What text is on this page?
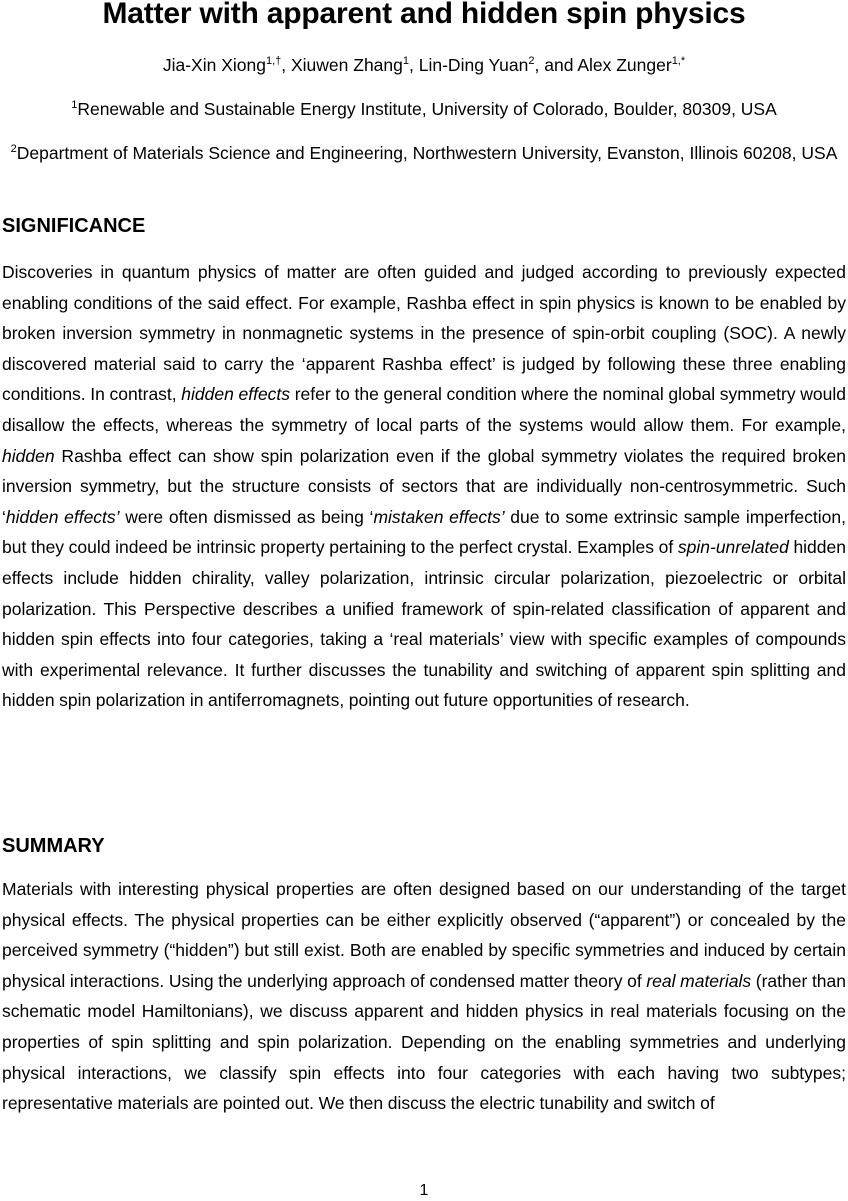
Matter with apparent and hidden spin physics
Jia-Xin Xiong$^{1,\dagger}$, Xiuwen Zhang$^1$, Lin-Ding Yuan$^2$, and Alex Zunger$^{1,*}$
$^1$Renewable and Sustainable Energy Institute, University of Colorado, Boulder, 80309, USA
$^2$Department of Materials Science and Engineering, Northwestern University, Evanston, Illinois 60208, USA
SIGNIFICANCE

Discoveries in quantum physics of matter are often guided and judged according to previously expected enabling conditions of the said effect. For example, Rashba effect in spin physics is known to be enabled by broken inversion symmetry in nonmagnetic systems in the presence of spin-orbit coupling (SOC). A newly discovered material said to carry the ‘apparent Rashba effect’ is judged by following these three enabling conditions. In contrast, hidden effects refer to the general condition where the nominal global symmetry would disallow the effects, whereas the symmetry of local parts of the systems would allow them. For example, hidden Rashba effect can show spin polarization even if the global symmetry violates the required broken inversion symmetry, but the structure consists of sectors that are individually non-centrosymmetric. Such ‘hidden effects’ were often dismissed as being ‘mistaken effects’ due to some extrinsic sample imperfection, but they could indeed be intrinsic property pertaining to the perfect crystal. Examples of spin-unrelated hidden effects include hidden chirality, valley polarization, intrinsic circular polarization, piezoelectric or orbital polarization. This Perspective describes a unified framework of spin-related classification of apparent and hidden spin effects into four categories, taking a ‘real materials’ view with specific examples of compounds with experimental relevance. It further discusses the tunability and switching of apparent spin splitting and hidden spin polarization in antiferromagnets, pointing out future opportunities of research.

SUMMARY

Materials with interesting physical properties are often designed based on our understanding of the target physical effects. The physical properties can be either explicitly observed (“apparent”) or concealed by the perceived symmetry (“hidden”) but still exist. Both are enabled by specific symmetries and induced by certain physical interactions. Using the underlying approach of condensed matter theory of real materials (rather than schematic model Hamiltonians), we discuss apparent and hidden physics in real materials focusing on the properties of spin splitting and spin polarization. Depending on the enabling symmetries and underlying physical interactions, we classify spin effects into four categories with each having two subtypes; representative materials are pointed out. We then discuss the electric tunability and switch of

1
